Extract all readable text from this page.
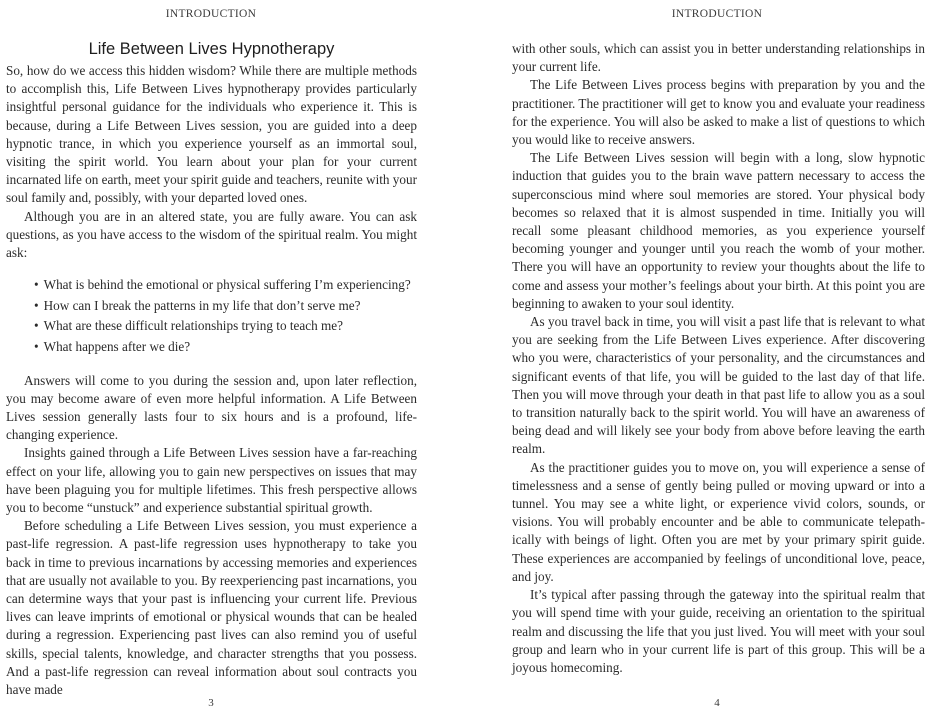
INTRODUCTION
Life Between Lives Hypnotherapy

So, how do we access this hidden wisdom? While there are multiple methods to accomplish this, Life Between Lives hypnotherapy provides particularly insightful personal guidance for the individuals who experience it. This is because, during a Life Between Lives session, you are guided into a deep hypnotic trance, in which you experience yourself as an immortal soul, visiting the spirit world. You learn about your plan for your current incarnated life on earth, meet your spirit guide and teachers, reunite with your soul family and, possibly, with your departed loved ones.

Although you are in an altered state, you are fully aware. You can ask questions, as you have access to the wisdom of the spiritual realm. You might ask:

• What is behind the emotional or physical suffering I’m experiencing?
• How can I break the patterns in my life that don’t serve me?
• What are these difficult relationships trying to teach me?
• What happens after we die?

Answers will come to you during the session and, upon later reflection, you may become aware of even more helpful information. A Life Between Lives session generally lasts four to six hours and is a profound, life-changing experience.

Insights gained through a Life Between Lives session have a far-reaching effect on your life, allowing you to gain new perspectives on issues that may have been plaguing you for multiple lifetimes. This fresh perspective allows you to become “unstuck” and experience substantial spiritual growth.

Before scheduling a Life Between Lives session, you must experience a past-life regression. A past-life regression uses hypnotherapy to take you back in time to previous incarnations by accessing memories and experiences that are usually not available to you. By reexperiencing past incarnations, you can determine ways that your past is influencing your current life. Previous lives can leave imprints of emotional or physical wounds that can be healed during a regression. Experiencing past lives can also remind you of useful skills, special talents, knowledge, and character strengths that you possess. And a past-life regression can reveal information about soul contracts you have made

3
INTRODUCTION

with other souls, which can assist you in better understanding relationships in your current life.

The Life Between Lives process begins with preparation by you and the practitioner. The practitioner will get to know you and evaluate your readiness for the experience. You will also be asked to make a list of questions to which you would like to receive answers.

The Life Between Lives session will begin with a long, slow hypnotic induction that guides you to the brain wave pattern necessary to access the superconscious mind where soul memories are stored. Your physical body becomes so relaxed that it is almost suspended in time. Initially you will recall some pleasant childhood memories, as you experience yourself becoming younger and younger until you reach the womb of your mother. There you will have an opportunity to review your thoughts about the life to come and assess your mother’s feelings about your birth. At this point you are beginning to awaken to your soul identity.

As you travel back in time, you will visit a past life that is relevant to what you are seeking from the Life Between Lives experience. After discovering who you were, characteristics of your personality, and the circumstances and significant events of that life, you will be guided to the last day of that life. Then you will move through your death in that past life to allow you as a soul to transition naturally back to the spirit world. You will have an awareness of being dead and will likely see your body from above before leaving the earth realm.

As the practitioner guides you to move on, you will experience a sense of timelessness and a sense of gently being pulled or moving upward or into a tunnel. You may see a white light, or experience vivid colors, sounds, or visions. You will probably encounter and be able to communicate telepathically with beings of light. Often you are met by your primary spirit guide. These experiences are accompanied by feelings of unconditional love, peace, and joy.

It’s typical after passing through the gateway into the spiritual realm that you will spend time with your guide, receiving an orientation to the spiritual realm and discussing the life that you just lived. You will meet with your soul group and learn who in your current life is part of this group. This will be a joyous homecoming.

4
